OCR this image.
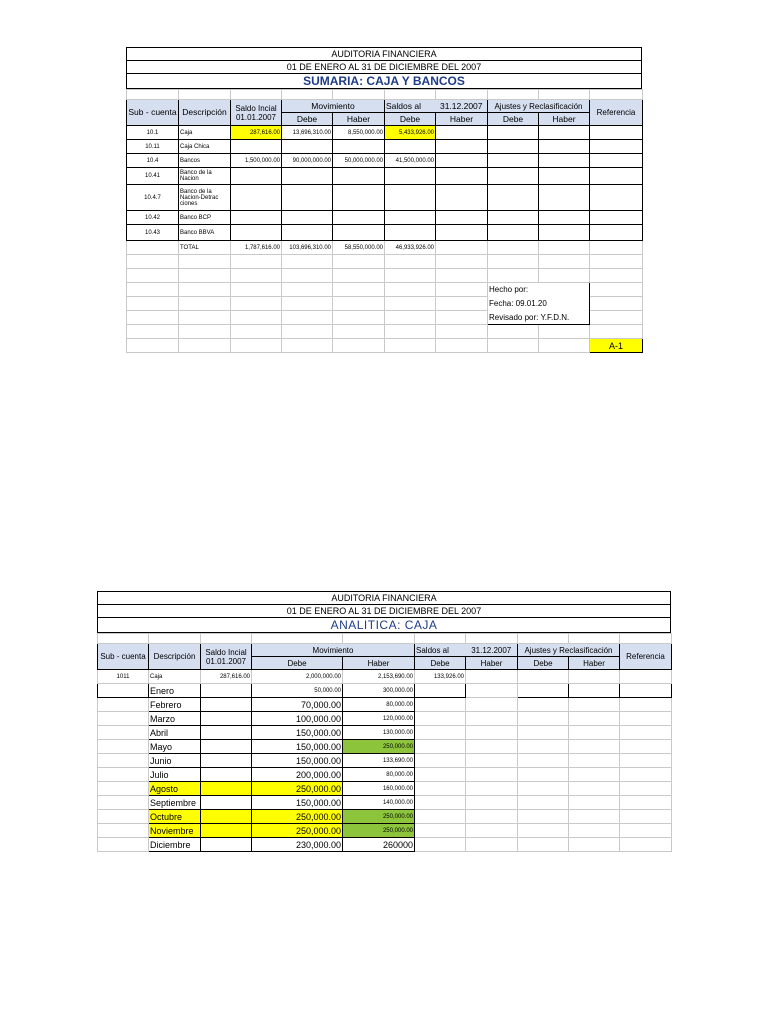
AUDITORIA FINANCIERA
01 DE ENERO AL 31 DE DICIEMBRE DEL 2007
SUMARIA: CAJA Y BANCOS

Sub - cuenta	Descripción	Saldo Incial 01.01.2007	Movimiento		Saldos al	31.12.2007	Ajustes y Reclasificación		Referencia
			Debe	Haber	Debe	Haber	Debe	Haber	
10.1	Caja	287,616.00	13,696,310.00	8,550,000.00	5,433,926.00				
10.11	Caja Chica								
10.4	Bancos	1,500,000.00	90,000,000.00	50,000,000.00	41,500,000.00				
10.41	Banco de la Nacion								
10.4.7	Banco de la Nacion-Detrac ciones								
10.42	Banco BCP								
10.43	Banco BBVA								
	TOTAL	1,787,616.00	103,696,310.00	58,550,000.00	46,933,926.00				

							Hecho por:		
							Fecha: 09.01.20		
							Revisado por: Y.F.D.N.		

									A-1
AUDITORIA FINANCIERA
01 DE ENERO AL 31 DE DICIEMBRE DEL 2007
ANALITICA: CAJA

Sub - cuenta	Descripción	Saldo Incial 01.01.2007	Movimiento		Saldos al	31.12.2007	Ajustes y Reclasificación		Referencia
			Debe	Haber	Debe	Haber	Debe	Haber	
1011	Caja	287,616.00	2,000,000.00	2,153,690.00	133,926.00				
	Enero		50,000.00	300,000.00					
	Febrero		70,000.00	80,000.00					
	Marzo		100,000.00	120,000.00					
	Abril		150,000.00	130,000.00					
	Mayo		150,000.00	250,000.00					
	Junio		150,000.00	133,690.00					
	Julio		200,000.00	80,000.00					
	Agosto		250,000.00	160,000.00					
	Septiembre		150,000.00	140,000.00					
	Octubre		250,000.00	250,000.00					
	Noviembre		250,000.00	250,000.00					
	Diciembre		230,000.00	260000					
